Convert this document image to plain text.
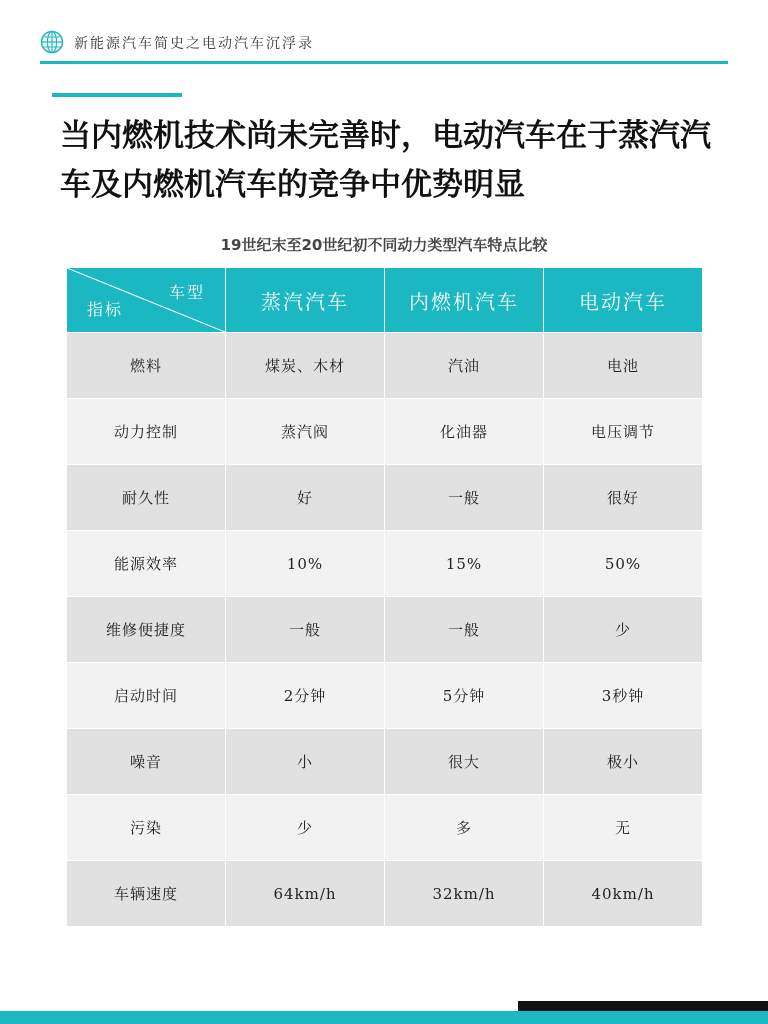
新能源汽车简史之电动汽车沉浮录
当内燃机技术尚未完善时，电动汽车在于蒸汽汽车及内燃机汽车的竞争中优势明显
19世纪末至20世纪初不同动力类型汽车特点比较
车型
指标	蒸汽汽车	内燃机汽车	电动汽车
燃料	煤炭、木材	汽油	电池
动力控制	蒸汽阀	化油器	电压调节
耐久性	好	一般	很好
能源效率	10%	15%	50%
维修便捷度	一般	一般	少
启动时间	2分钟	5分钟	3秒钟
噪音	小	很大	极小
污染	少	多	无
车辆速度	64km/h	32km/h	40km/h
